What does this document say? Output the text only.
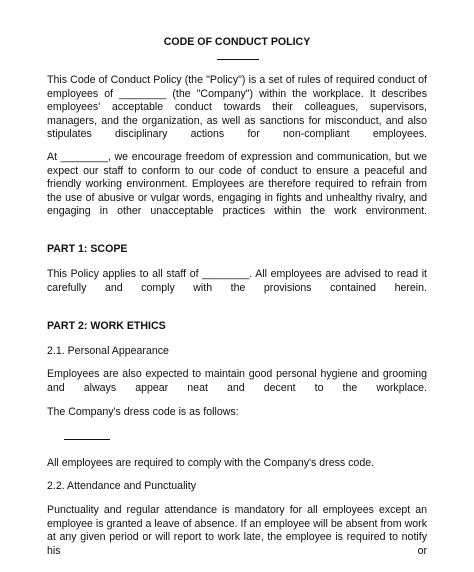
CODE OF CONDUCT POLICY

This Code of Conduct Policy (the "Policy") is a set of rules of required conduct of employees of ________ (the "Company") within the workplace. It describes employees' acceptable conduct towards their colleagues, supervisors, managers, and the organization, as well as sanctions for misconduct, and also stipulates disciplinary actions for non-compliant employees.

At ________, we encourage freedom of expression and communication, but we expect our staff to conform to our code of conduct to ensure a peaceful and friendly working environment. Employees are therefore required to refrain from the use of abusive or vulgar words, engaging in fights and unhealthy rivalry, and engaging in other unacceptable practices within the work environment.

PART 1: SCOPE

This Policy applies to all staff of ________. All employees are advised to read it carefully and comply with the provisions contained herein.

PART 2: WORK ETHICS

2.1. Personal Appearance

Employees are also expected to maintain good personal hygiene and grooming and always appear neat and decent to the workplace.

The Company's dress code is as follows:

All employees are required to comply with the Company's dress code.

2.2. Attendance and Punctuality

Punctuality and regular attendance is mandatory for all employees except an employee is granted a leave of absence. If an employee will be absent from work at any given period or will report to work late, the employee is required to notify his or
